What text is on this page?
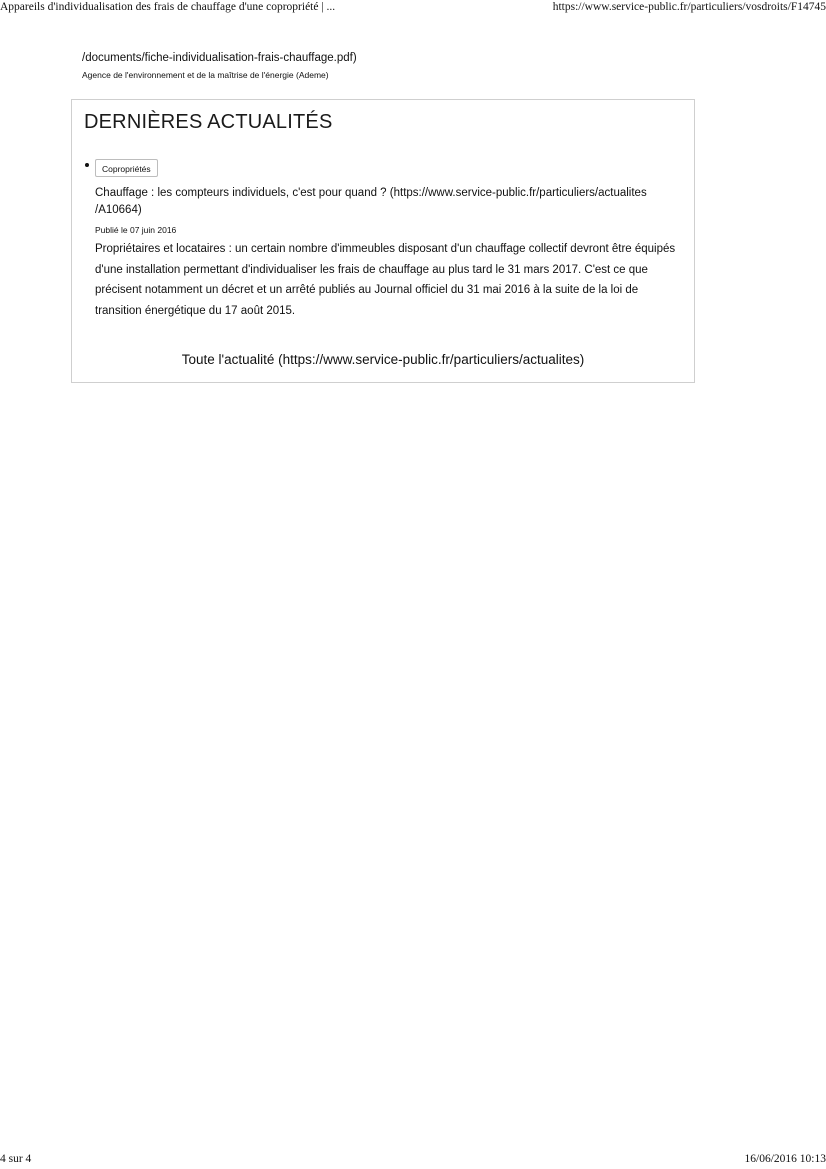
Appareils d'individualisation des frais de chauffage d'une copropriété | ...	https://www.service-public.fr/particuliers/vosdroits/F14745
/documents/fiche-individualisation-frais-chauffage.pdf)
Agence de l'environnement et de la maîtrise de l'énergie (Ademe)
DERNIÈRES ACTUALITÉS
Copropriétés
Chauffage : les compteurs individuels, c'est pour quand ? (https://www.service-public.fr/particuliers/actualites /A10664)
Publié le 07 juin 2016
Propriétaires et locataires : un certain nombre d'immeubles disposant d'un chauffage collectif devront être équipés d'une installation permettant d'individualiser les frais de chauffage au plus tard le 31 mars 2017. C'est ce que précisent notamment un décret et un arrêté publiés au Journal officiel du 31 mai 2016 à la suite de la loi de transition énergétique du 17 août 2015.
Toute l'actualité (https://www.service-public.fr/particuliers/actualites)
4 sur 4	16/06/2016 10:13
